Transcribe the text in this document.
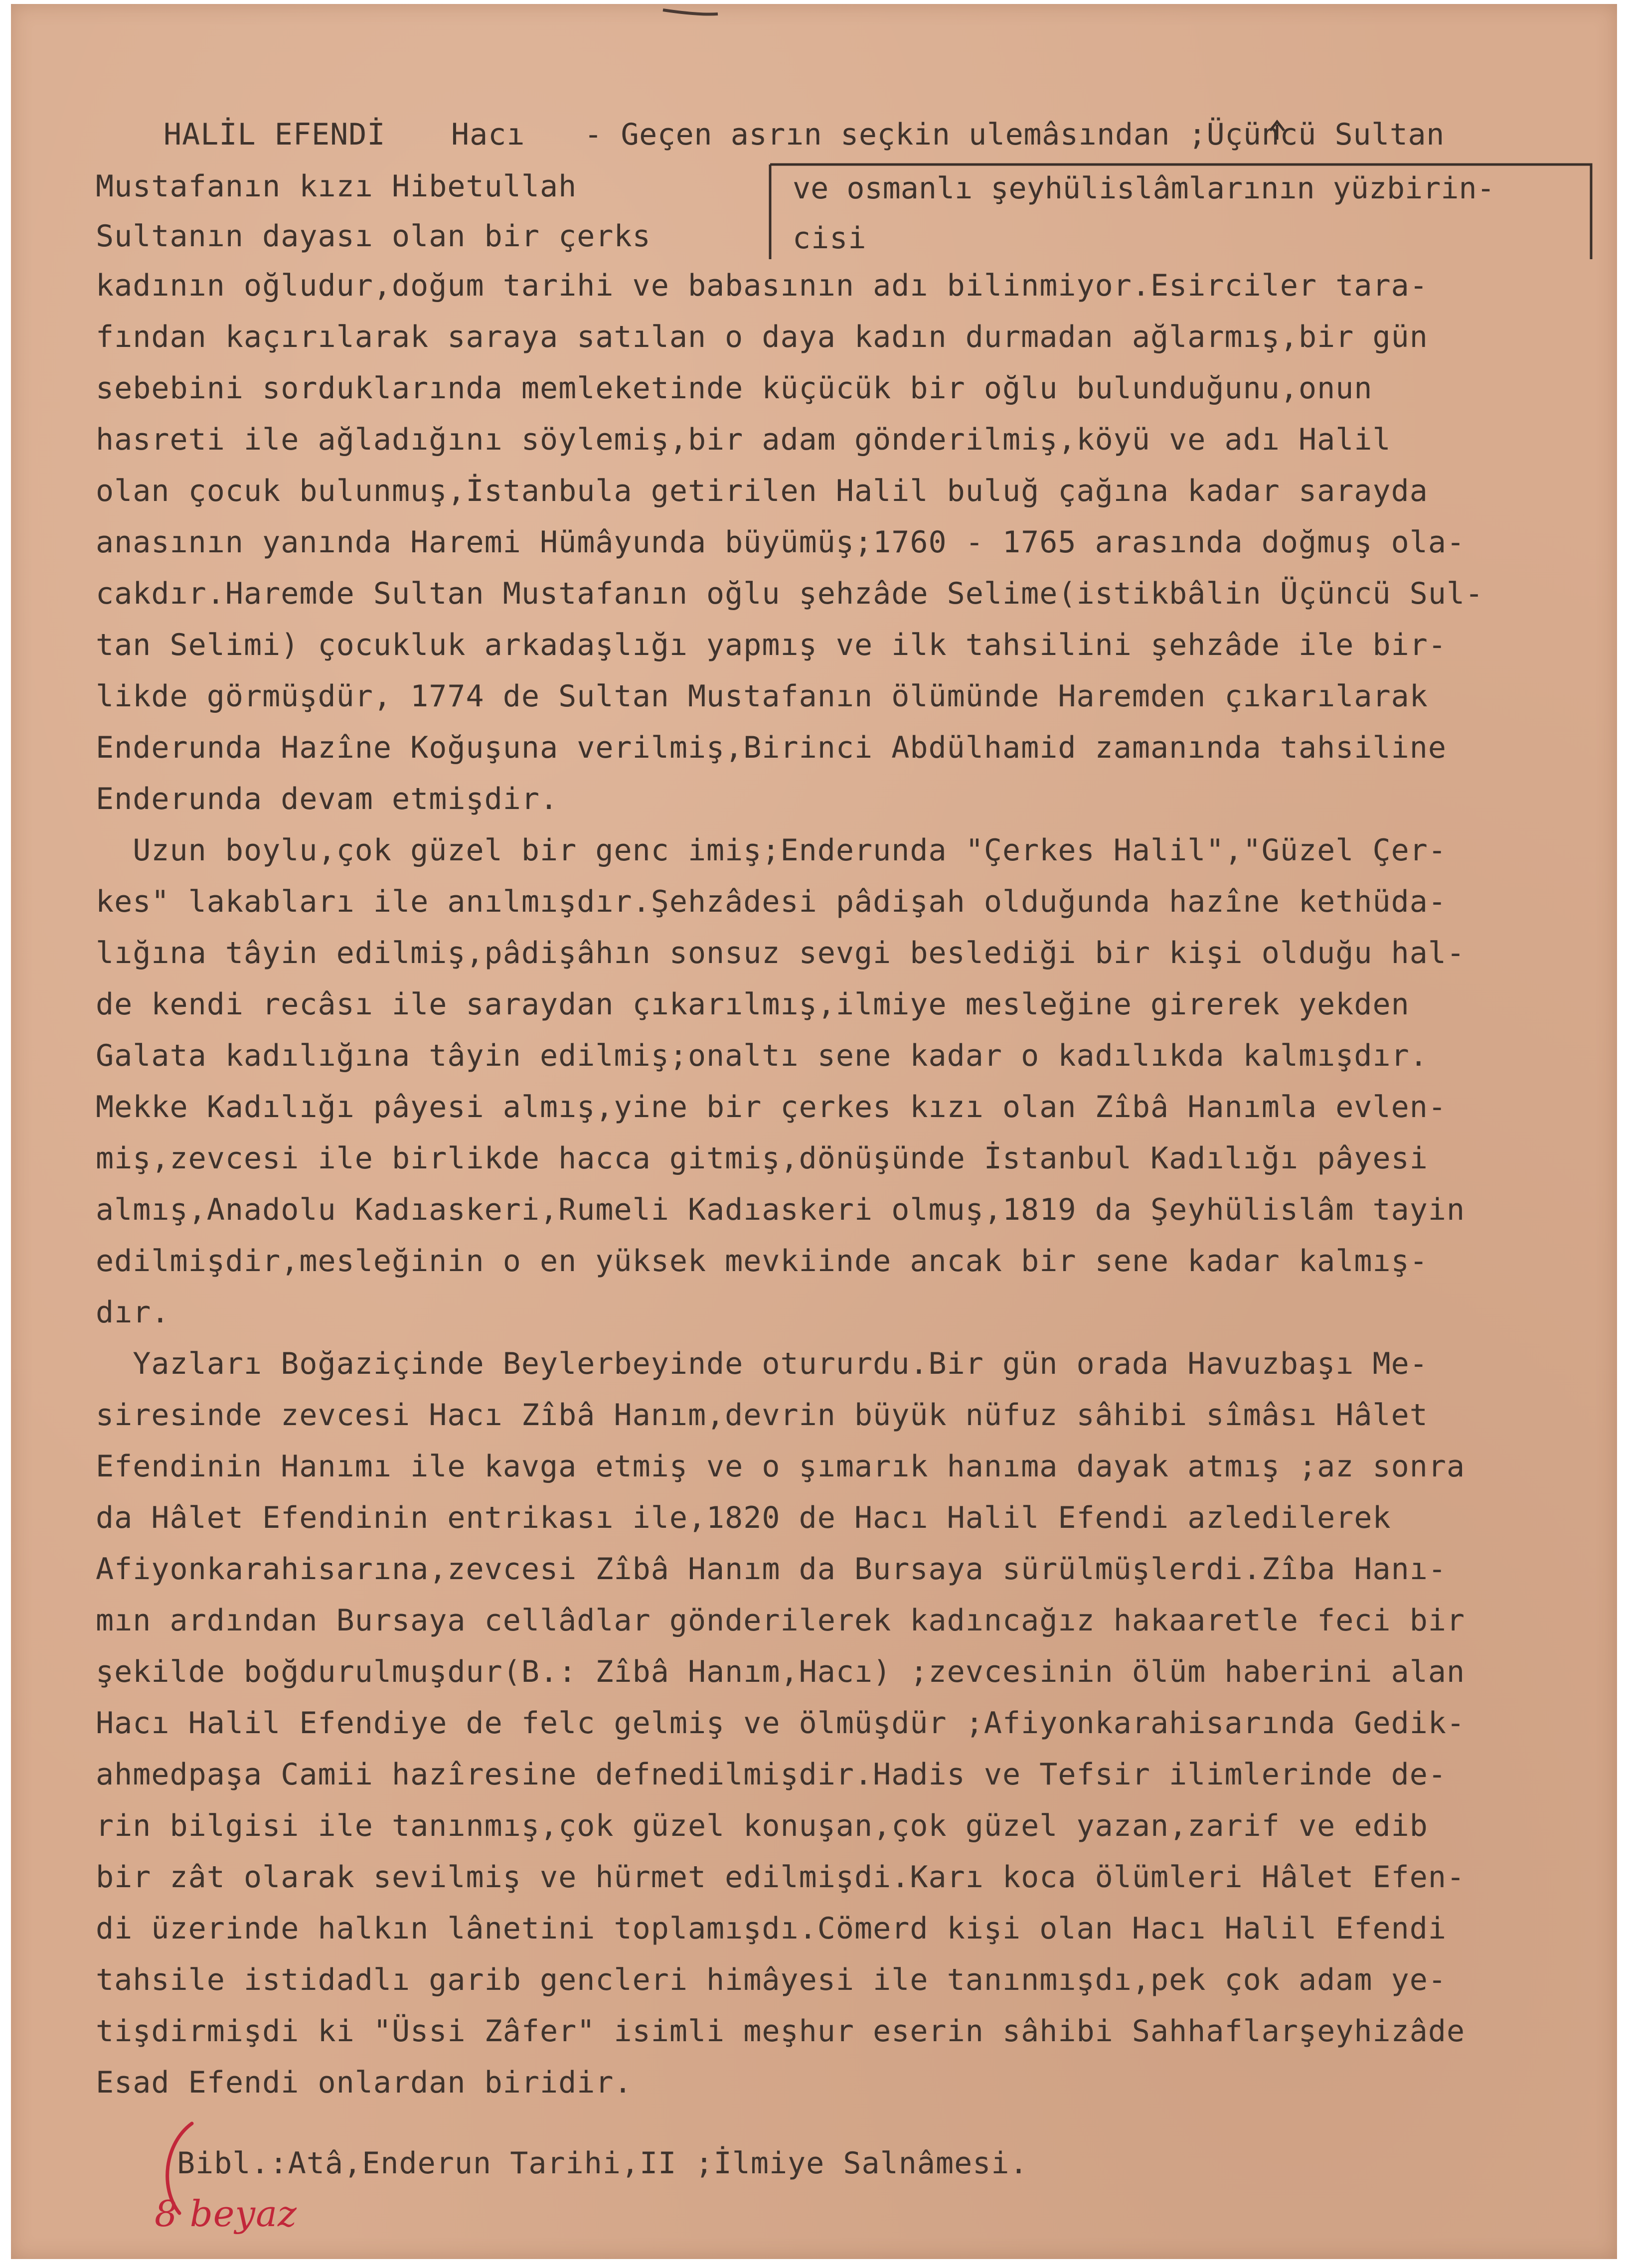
HALİL EFENDİ Hacı - Geçen asrın seçkin ulemâsından ;Üçüncü Sultan
Mustafanın kızı Hibetullah
Sultanın dayası olan bir çerks
ve osmanlı şeyhülislâmlarının yüzbirin-
cisi
kadının oğludur,doğum tarihi ve babasının adı bilinmiyor.Esirciler tara-
fından kaçırılarak saraya satılan o daya kadın durmadan ağlarmış,bir gün
sebebini sorduklarında memleketinde küçücük bir oğlu bulunduğunu,onun
hasreti ile ağladığını söylemiş,bir adam gönderilmiş,köyü ve adı Halil
olan çocuk bulunmuş,İstanbula getirilen Halil buluğ çağına kadar sarayda
anasının yanında Haremi Hümâyunda büyümüş;1760 - 1765 arasında doğmuş ola-
cakdır.Haremde Sultan Mustafanın oğlu şehzâde Selime(istikbâlin Üçüncü Sul-
tan Selimi) çocukluk arkadaşlığı yapmış ve ilk tahsilini şehzâde ile bir-
likde görmüşdür, 1774 de Sultan Mustafanın ölümünde Haremden çıkarılarak
Enderunda Hazîne Koğuşuna verilmiş,Birinci Abdülhamid zamanında tahsiline
Enderunda devam etmişdir.
Uzun boylu,çok güzel bir genc imiş;Enderunda "Çerkes Halil","Güzel Çer-
kes" lakabları ile anılmışdır.Şehzâdesi pâdişah olduğunda hazîne kethüda-
lığına tâyin edilmiş,pâdişâhın sonsuz sevgi beslediği bir kişi olduğu hal-
de kendi recâsı ile saraydan çıkarılmış,ilmiye mesleğine girerek yekden
Galata kadılığına tâyin edilmiş;onaltı sene kadar o kadılıkda kalmışdır.
Mekke Kadılığı pâyesi almış,yine bir çerkes kızı olan Zîbâ Hanımla evlen-
miş,zevcesi ile birlikde hacca gitmiş,dönüşünde İstanbul Kadılığı pâyesi
almış,Anadolu Kadıaskeri,Rumeli Kadıaskeri olmuş,1819 da Şeyhülislâm tayin
edilmişdir,mesleğinin o en yüksek mevkiinde ancak bir sene kadar kalmış-
dır.
Yazları Boğaziçinde Beylerbeyinde otururdu.Bir gün orada Havuzbaşı Me-
siresinde zevcesi Hacı Zîbâ Hanım,devrin büyük nüfuz sâhibi sîmâsı Hâlet
Efendinin Hanımı ile kavga etmiş ve o şımarık hanıma dayak atmış ;az sonra
da Hâlet Efendinin entrikası ile,1820 de Hacı Halil Efendi azledilerek
Afiyonkarahisarına,zevcesi Zîbâ Hanım da Bursaya sürülmüşlerdi.Zîba Hanı-
mın ardından Bursaya cellâdlar gönderilerek kadıncağız hakaaretle feci bir
şekilde boğdurulmuşdur(B.: Zîbâ Hanım,Hacı) ;zevcesinin ölüm haberini alan
Hacı Halil Efendiye de felc gelmiş ve ölmüşdür ;Afiyonkarahisarında Gedik-
ahmedpaşa Camii hazîresine defnedilmişdir.Hadis ve Tefsir ilimlerinde de-
rin bilgisi ile tanınmış,çok güzel konuşan,çok güzel yazan,zarif ve edib
bir zât olarak sevilmiş ve hürmet edilmişdi.Karı koca ölümleri Hâlet Efen-
di üzerinde halkın lânetini toplamışdı.Cömerd kişi olan Hacı Halil Efendi
tahsile istidadlı garib gencleri himâyesi ile tanınmışdı,pek çok adam ye-
tişdirmişdi ki "Üssi Zâfer" isimli meşhur eserin sâhibi Sahhaflarşeyhizâde
Esad Efendi onlardan biridir.
Bibl.:Atâ,Enderun Tarihi,II ;İlmiye Salnâmesi.
8 beyaz
